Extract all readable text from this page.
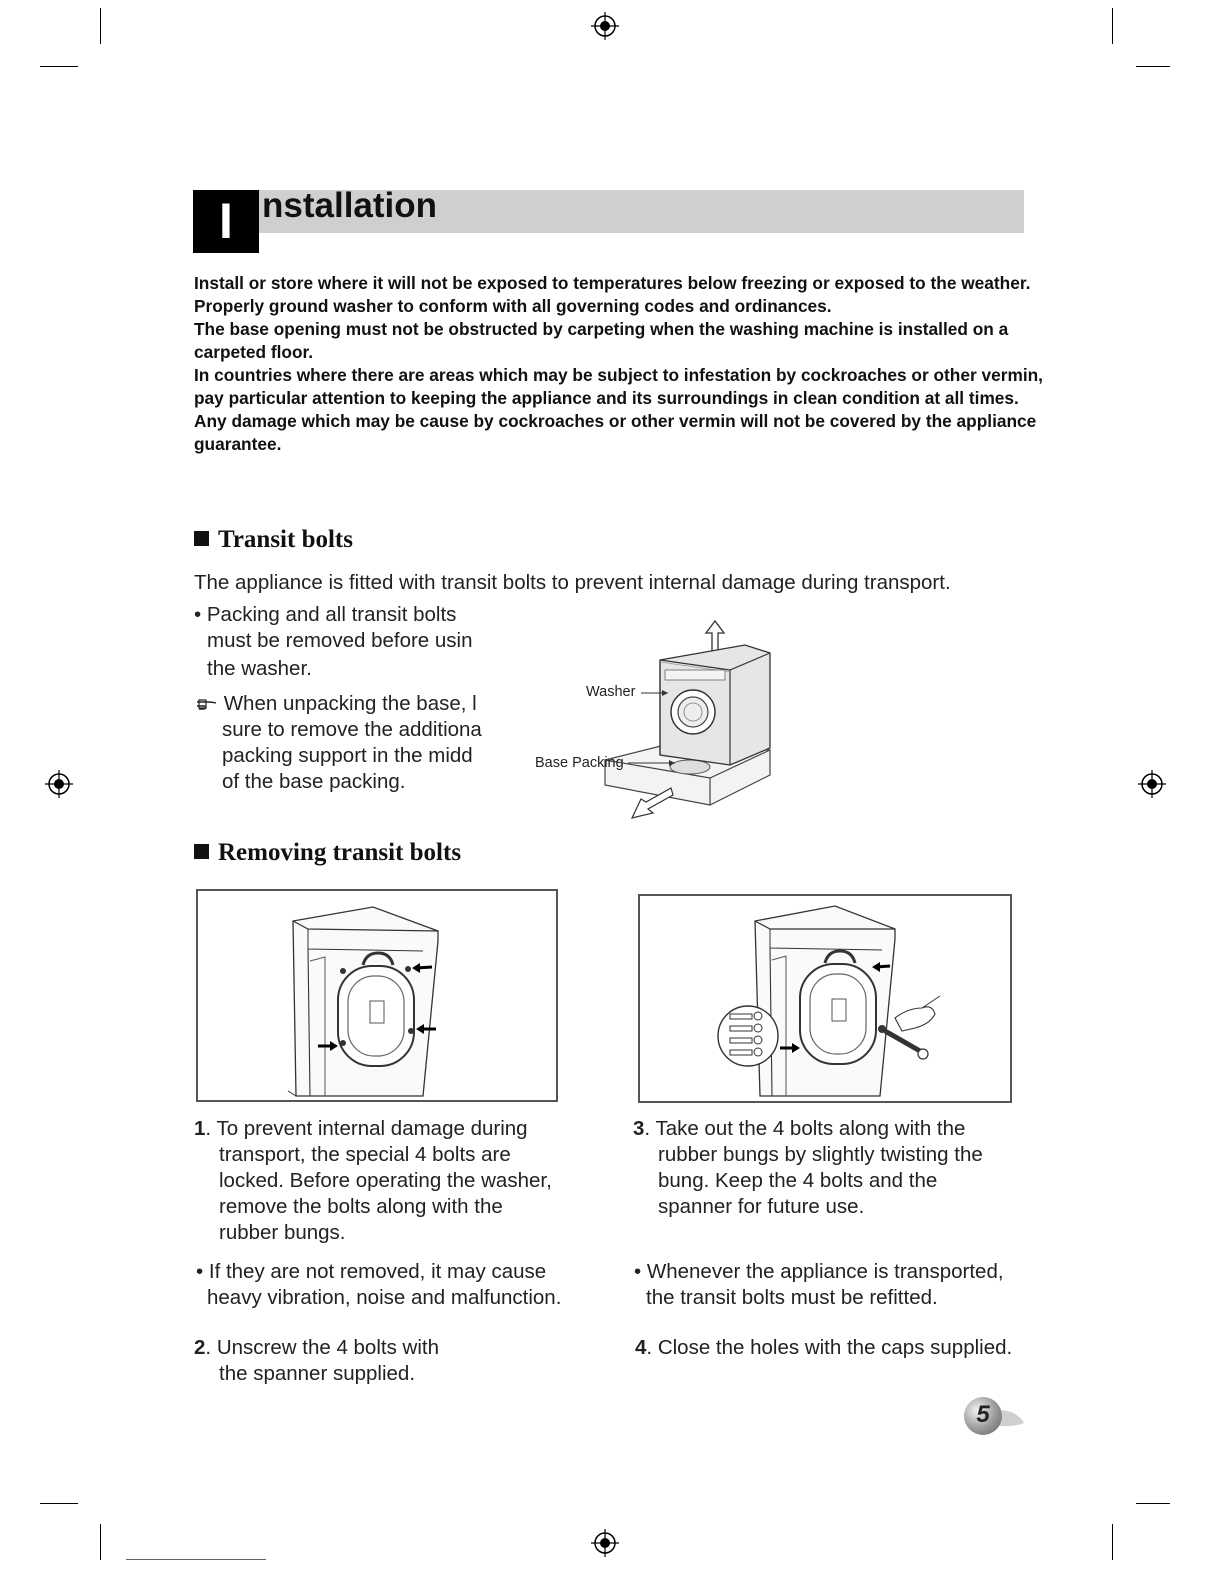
I nstallation

Install or store where it will not be exposed to temperatures below freezing or exposed to the weather.

Properly ground washer to conform with all governing codes and ordinances.

The base opening must not be obstructed by carpeting when the washing machine is installed on a carpeted floor.

In countries where there are areas which may be subject to infestation by cockroaches or other vermin, pay particular attention to keeping the appliance and its surroundings in clean condition at all times.

Any damage which may be cause by cockroaches or other vermin will not be covered by the appliance guarantee.

Transit bolts
The appliance is fitted with transit bolts to prevent internal damage during transport.
• Packing and all transit bolts
must be removed before usin
the washer.
When unpacking the base, l
sure to remove the additiona
packing support in the midd
of the base packing.
Washer
Base Packing
Removing transit bolts
1. To prevent internal damage during
transport, the special 4 bolts are
locked. Before operating the washer,
remove the bolts along with the
rubber bungs.
• If they are not removed, it may cause
heavy vibration, noise and malfunction.
2. Unscrew the 4 bolts with
the spanner supplied.
3. Take out the 4 bolts along with the
rubber bungs by slightly twisting the
bung. Keep the 4 bolts and the
spanner for future use.
• Whenever the appliance is transported,
the transit bolts must be refitted.
4. Close the holes with the caps supplied.
5
